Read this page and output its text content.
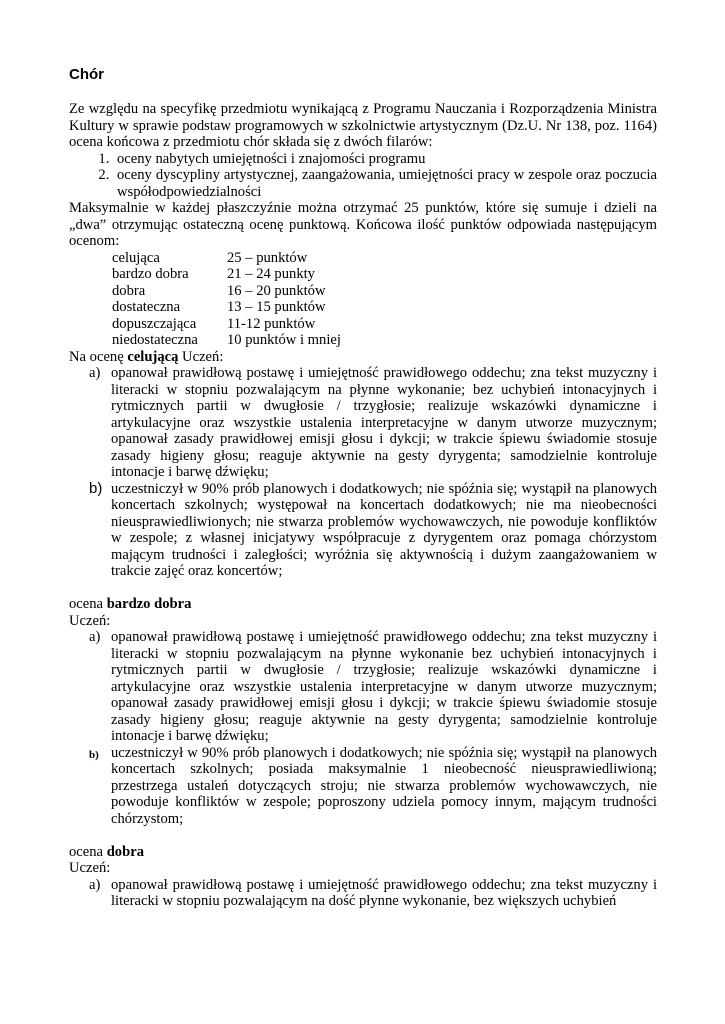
Chór

Ze względu na specyfikę przedmiotu wynikającą z Programu Nauczania i Rozporządzenia Ministra Kultury w sprawie podstaw programowych w szkolnictwie artystycznym (Dz.U. Nr 138, poz. 1164) ocena końcowa z przedmiotu chór składa się z dwóch filarów:

1. oceny nabytych umiejętności i znajomości programu
2. oceny dyscypliny artystycznej, zaangażowania, umiejętności pracy w zespole oraz poczucia współodpowiedzialności

Maksymalnie w każdej płaszczyźnie można otrzymać 25 punktów, które się sumuje i dzieli na „dwa” otrzymując ostateczną ocenę punktową. Końcowa ilość punktów odpowiada następującym ocenom:

celująca	25 – punktów
bardzo dobra	21 – 24 punkty
dobra	16 – 20 punktów
dostateczna	13 – 15 punktów
dopuszczająca	11-12 punktów
niedostateczna	10 punktów i mniej

Na ocenę celującą Uczeń:

a) opanował prawidłową postawę i umiejętność prawidłowego oddechu; zna tekst muzyczny i literacki w stopniu pozwalającym na płynne wykonanie; bez uchybień intonacyjnych i rytmicznych partii w dwugłosie / trzygłosie; realizuje wskazówki dynamiczne i artykulacyjne oraz wszystkie ustalenia interpretacyjne w danym utworze muzycznym; opanował zasady prawidłowej emisji głosu i dykcji; w trakcie śpiewu świadomie stosuje zasady higieny głosu; reaguje aktywnie na gesty dyrygenta; samodzielnie kontroluje intonacje i barwę dźwięku;
b) uczestniczył w 90% prób planowych i dodatkowych; nie spóźnia się; wystąpił na planowych koncertach szkolnych; występował na koncertach dodatkowych; nie ma nieobecności nieusprawiedliwionych; nie stwarza problemów wychowawczych, nie powoduje konfliktów w zespole; z własnej inicjatywy współpracuje z dyrygentem oraz pomaga chórzystom mającym trudności i zaległości; wyróżnia się aktywnością i dużym zaangażowaniem w trakcie zajęć oraz koncertów;

ocena bardzo dobra

Uczeń:

a) opanował prawidłową postawę i umiejętność prawidłowego oddechu; zna tekst muzyczny i literacki w stopniu pozwalającym na płynne wykonanie bez uchybień intonacyjnych i rytmicznych partii w dwugłosie / trzygłosie; realizuje wskazówki dynamiczne i artykulacyjne oraz wszystkie ustalenia interpretacyjne w danym utworze muzycznym; opanował zasady prawidłowej emisji głosu i dykcji; w trakcie śpiewu świadomie stosuje zasady higieny głosu; reaguje aktywnie na gesty dyrygenta; samodzielnie kontroluje intonacje i barwę dźwięku;
b) uczestniczył w 90% prób planowych i dodatkowych; nie spóźnia się; wystąpił na planowych koncertach szkolnych; posiada maksymalnie 1 nieobecność nieusprawiedliwioną; przestrzega ustaleń dotyczących stroju; nie stwarza problemów wychowawczych, nie powoduje konfliktów w zespole; poproszony udziela pomocy innym, mającym trudności chórzystom;

ocena dobra

Uczeń:

a) opanował prawidłową postawę i umiejętność prawidłowego oddechu; zna tekst muzyczny i literacki w stopniu pozwalającym na dość płynne wykonanie, bez większych uchybień
